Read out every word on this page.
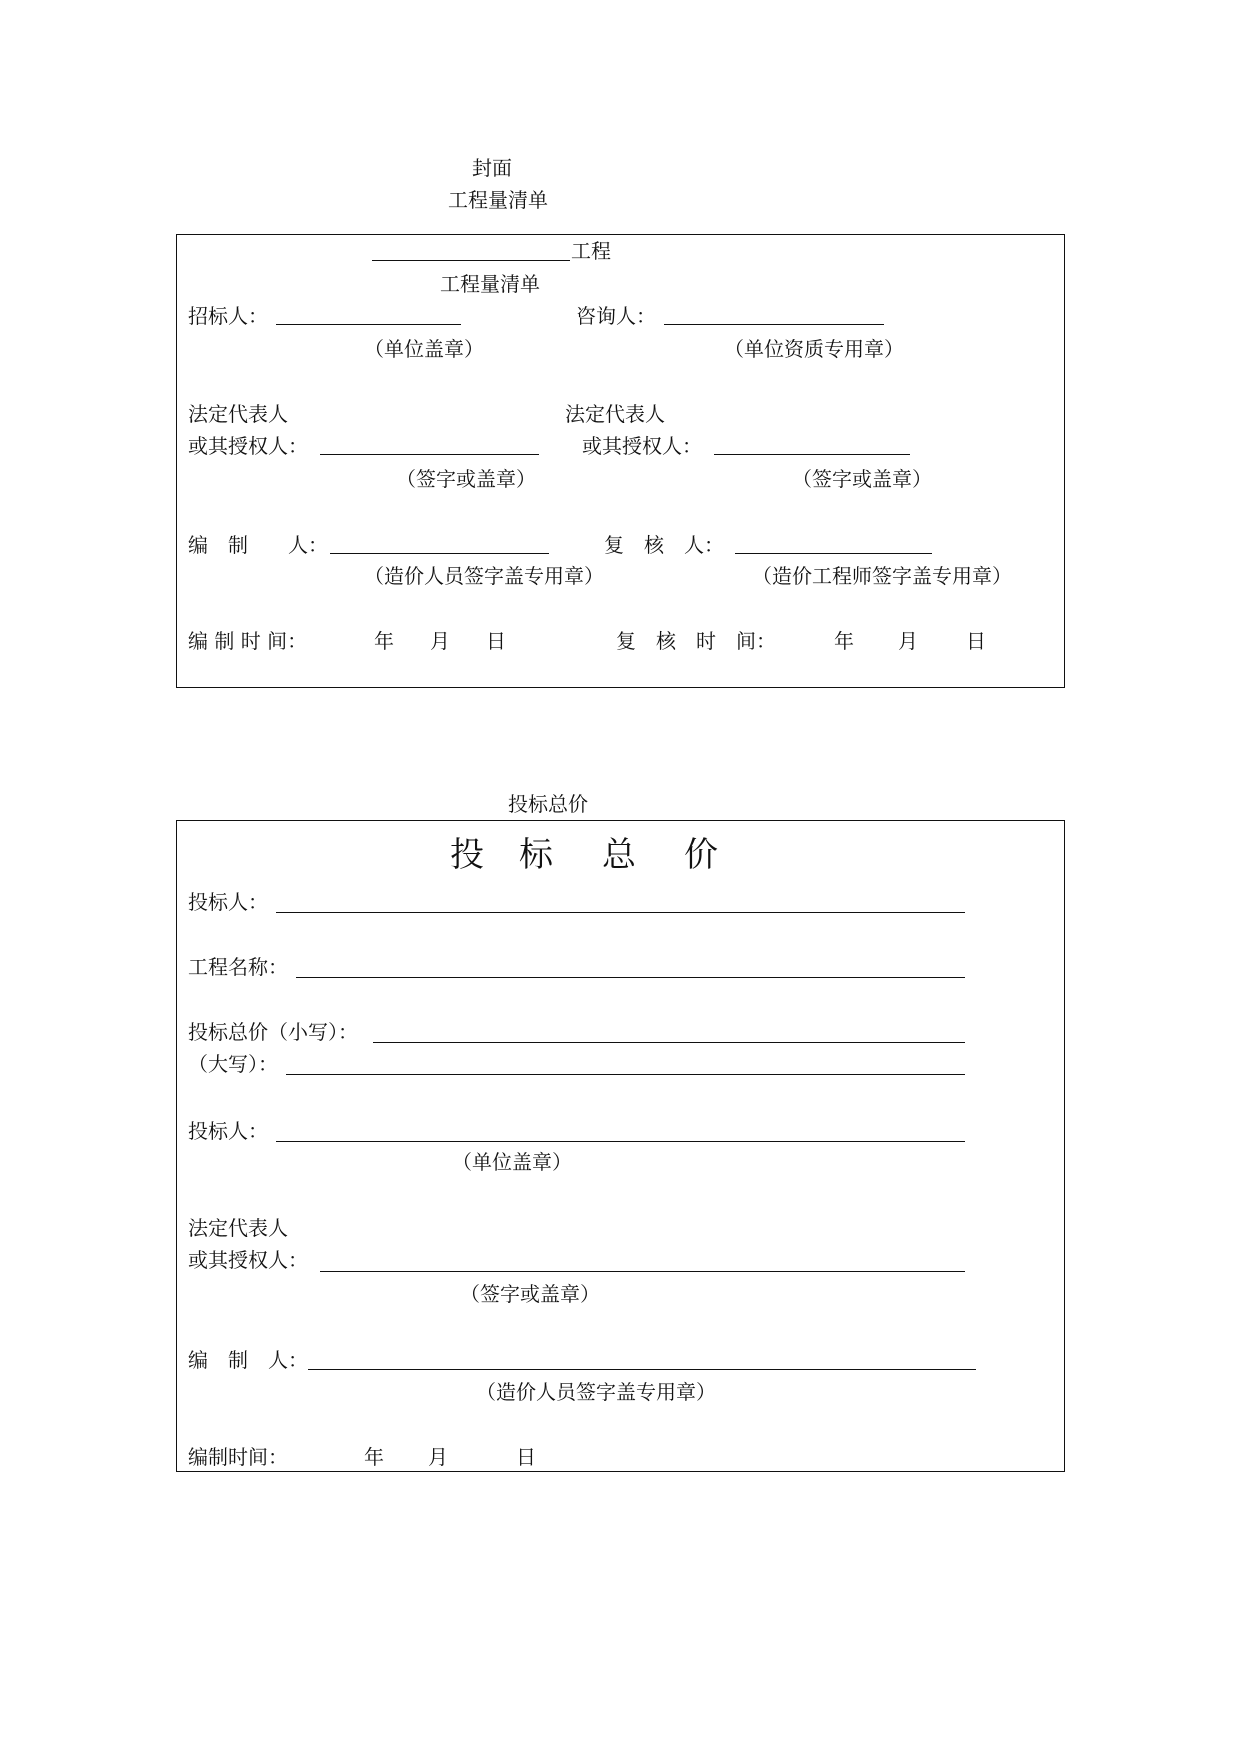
封面
工程量清单
工程
工程量清单
招标人：	咨询人：
（单位盖章）	（单位资质专用章）
法定代表人	法定代表人
或其授权人：	或其授权人：
（签字或盖章）	（签字或盖章）
编　制　　人：	复　核　人：
（造价人员签字盖专用章）	（造价工程师签字盖专用章）
编 制 时 间：	年 月 日	复　核　时　间：	年 月 日
投标总价
投 标 总 价
投标人：
工程名称：
投标总价（小写）：
（大写）：
投标人：
（单位盖章）
法定代表人
或其授权人：
（签字或盖章）
编　制　人：
（造价人员签字盖专用章）
编制时间：	年 月	日
